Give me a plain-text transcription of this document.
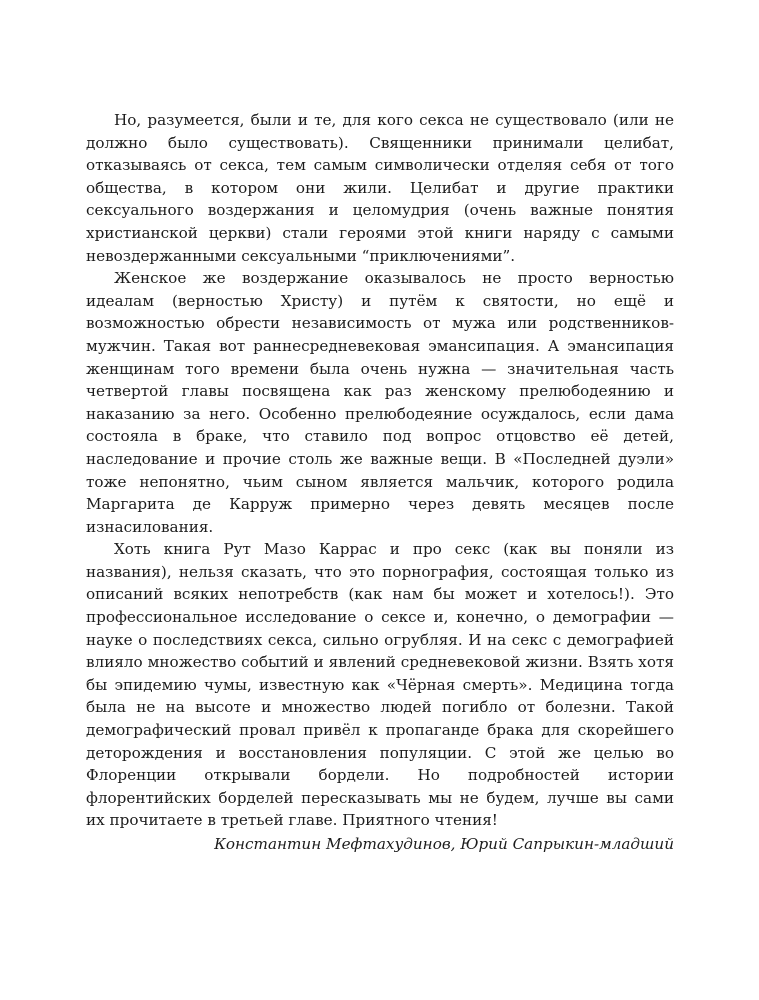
Но, разумеется, были и те, для кого секса не существовало (или не должно было существовать). Священники принимали целибат, отказываясь от секса, тем самым символически отделяя себя от того общества, в котором они жили. Целибат и другие практики сексуального воздержания и целомудрия (очень важные понятия христианской церкви) стали героями этой книги наряду с самыми невоздержанными сексуальными “приключениями”.

Женское же воздержание оказывалось не просто верностью идеалам (верностью Христу) и путём к святости, но ещё и возможностью обрести независимость от мужа или родственников-мужчин. Такая вот раннесредневековая эмансипация. А эмансипация женщинам того времени была очень нужна — значительная часть четвертой главы посвящена как раз женскому прелюбодеянию и наказанию за него. Особенно прелюбодеяние осуждалось, если дама состояла в браке, что ставило под вопрос отцовство её детей, наследование и прочие столь же важные вещи. В «Последней дуэли» тоже непонятно, чьим сыном является мальчик, которого родила Маргарита де Карруж примерно через девять месяцев после изнасилования.

Хоть книга Рут Мазо Каррас и про секс (как вы поняли из названия), нельзя сказать, что это порнография, состоящая только из описаний всяких непотребств (как нам бы может и хотелось!). Это профессиональное исследование о сексе и, конечно, о демографии — науке о последствиях секса, сильно огрубляя. И на секс с демографией влияло множество событий и явлений средневековой жизни. Взять хотя бы эпидемию чумы, известную как «Чёрная смерть». Медицина тогда была не на высоте и множество людей погибло от болезни. Такой демографический провал привёл к пропаганде брака для скорейшего деторождения и восстановления популяции. С этой же целью во Флоренции открывали бордели. Но подробностей истории флорентийских борделей пересказывать мы не будем, лучше вы сами их прочитаете в третьей главе. Приятного чтения!

Константин Мефтахудинов, Юрий Сапрыкин-младший
